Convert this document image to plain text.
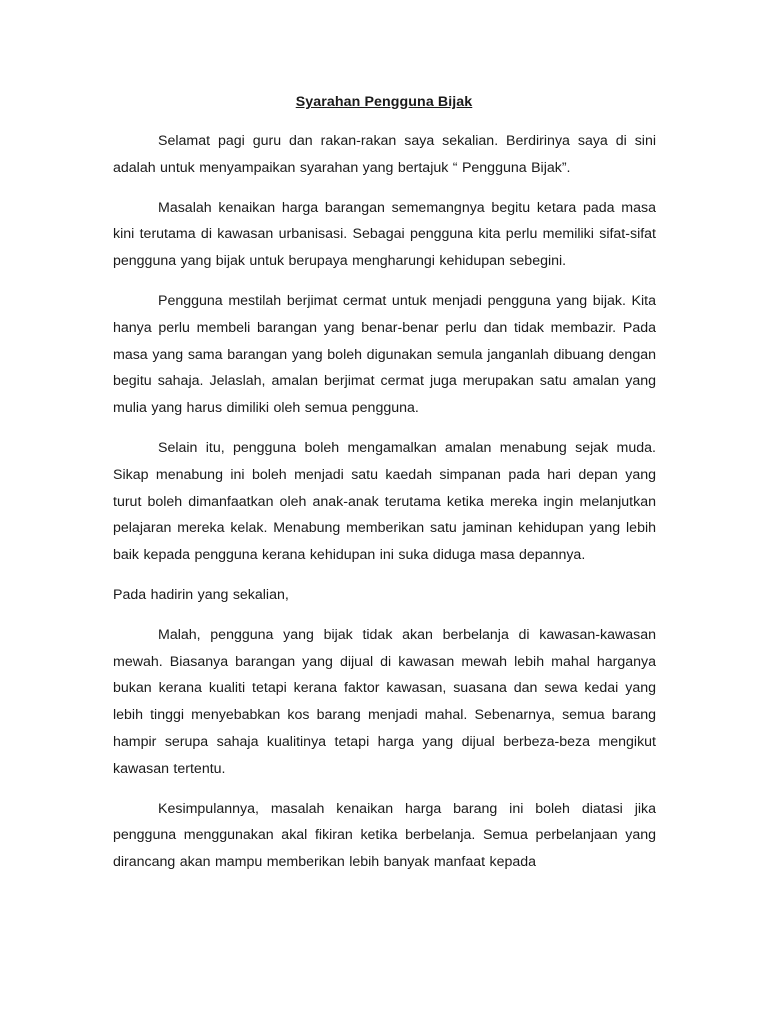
Syarahan Pengguna Bijak

Selamat pagi guru dan rakan-rakan saya sekalian. Berdirinya saya di sini adalah untuk menyampaikan syarahan yang bertajuk “ Pengguna Bijak”.

Masalah kenaikan harga barangan sememangnya begitu ketara pada masa kini terutama di kawasan urbanisasi. Sebagai pengguna kita perlu memiliki sifat-sifat pengguna yang bijak untuk berupaya mengharungi kehidupan sebegini.

Pengguna mestilah berjimat cermat untuk menjadi pengguna yang bijak. Kita hanya perlu membeli barangan yang benar-benar perlu dan tidak membazir. Pada masa yang sama barangan yang boleh digunakan semula janganlah dibuang dengan begitu sahaja. Jelaslah, amalan berjimat cermat juga merupakan satu amalan yang mulia yang harus dimiliki oleh semua pengguna.

Selain itu, pengguna boleh mengamalkan amalan menabung sejak muda. Sikap menabung ini boleh menjadi satu kaedah simpanan pada hari depan yang turut boleh dimanfaatkan oleh anak-anak terutama ketika mereka ingin melanjutkan pelajaran mereka kelak. Menabung memberikan satu jaminan kehidupan yang lebih baik kepada pengguna kerana kehidupan ini suka diduga masa depannya.

Pada hadirin yang sekalian,

Malah, pengguna yang bijak tidak akan berbelanja di kawasan-kawasan mewah. Biasanya barangan yang dijual di kawasan mewah lebih mahal harganya bukan kerana kualiti tetapi kerana faktor kawasan, suasana dan sewa kedai yang lebih tinggi menyebabkan kos barang menjadi mahal. Sebenarnya, semua barang hampir serupa sahaja kualitinya tetapi harga yang dijual berbeza-beza mengikut kawasan tertentu.

Kesimpulannya, masalah kenaikan harga barang ini boleh diatasi jika pengguna menggunakan akal fikiran ketika berbelanja. Semua perbelanjaan yang dirancang akan mampu memberikan lebih banyak manfaat kepada
